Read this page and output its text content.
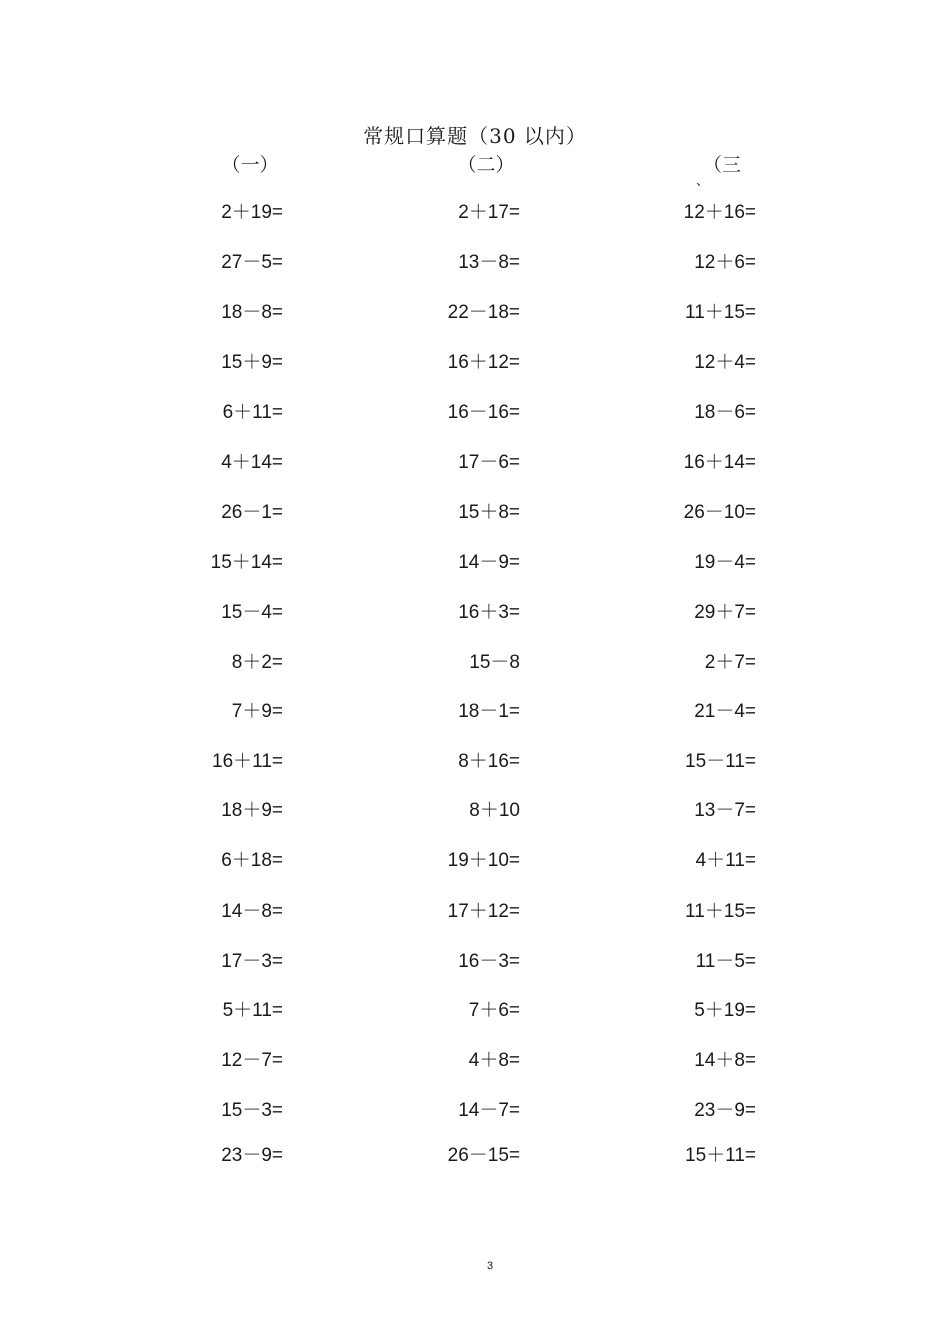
常规口算题（30 以内）
（一）	（二）	（三
、
2＋19=
27－5=
18－8=
15＋9=
6＋11=
4＋14=
26－1=
15＋14=
15－4=
8＋2=
7＋9=
16＋11=
18＋9=
6＋18=
14－8=
17－3=
5＋11=
12－7=
15－3=
23－9=
2＋17=
13－8=
22－18=
16＋12=
16－16=
17－6=
15＋8=
14－9=
16＋3=
15－8
18－1=
8＋16=
8＋10
19＋10=
17＋12=
16－3=
7＋6=
4＋8=
14－7=
26－15=
12＋16=
12＋6=
11＋15=
12＋4=
18－6=
16＋14=
26－10=
19－4=
29＋7=
2＋7=
21－4=
15－11=
13－7=
4＋11=
11＋15=
11－5=
5＋19=
14＋8=
23－9=
15＋11=
3
